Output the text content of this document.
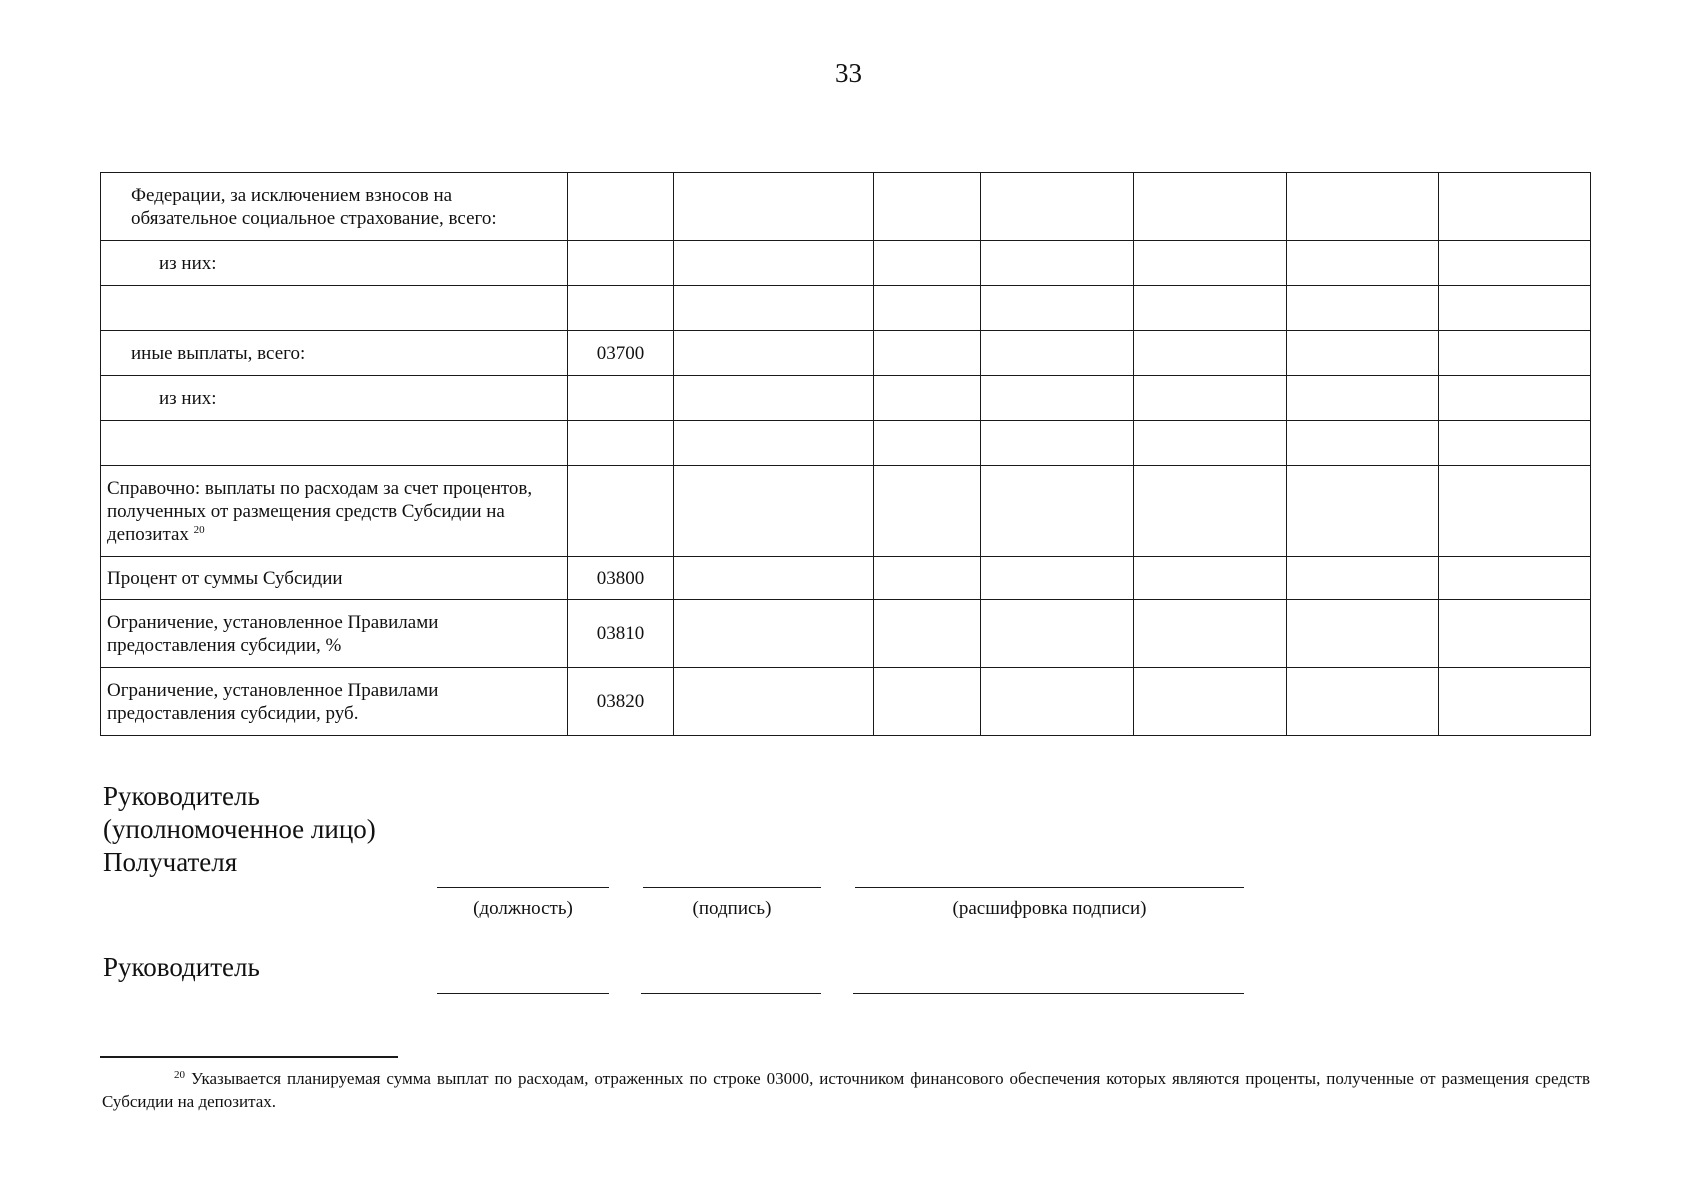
33
Федерации, за исключением взносов на обязательное социальное страхование, всего:							
из них:							

иные выплаты, всего:	03700						
из них:							

Справочно: выплаты по расходам за счет процентов, полученных от размещения средств Субсидии на депозитах $^{20}$							
Процент от суммы Субсидии	03800						
Ограничение, установленное Правилами предоставления субсидии, %	03810						
Ограничение, установленное Правилами предоставления субсидии, руб.	03820						
Руководитель
(уполномоченное лицо)
Получателя
(должность)	(подпись)	(расшифровка подписи)
Руководитель
$^{20}$ Указывается планируемая сумма выплат по расходам, отраженных по строке 03000, источником финансового обеспечения которых являются проценты, полученные от размещения средств Субсидии на депозитах.
